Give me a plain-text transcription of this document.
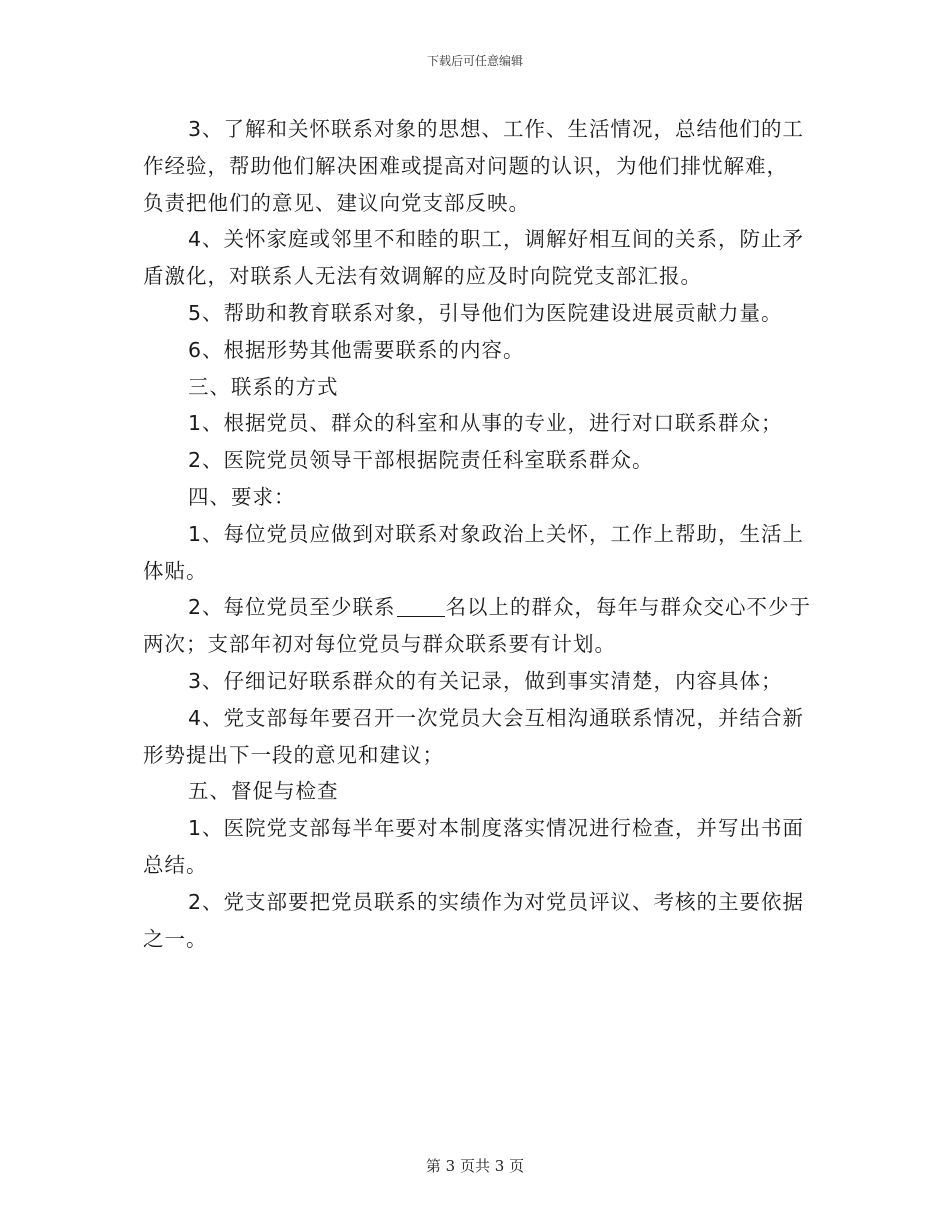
下载后可任意编辑

3、了解和关怀联系对象的思想、工作、生活情况，总结他们的工
作经验，帮助他们解决困难或提高对问题的认识，为他们排忧解难，
负责把他们的意见、建议向党支部反映。

4、关怀家庭或邻里不和睦的职工，调解好相互间的关系，防止矛
盾激化，对联系人无法有效调解的应及时向院党支部汇报。

5、帮助和教育联系对象，引导他们为医院建设进展贡献力量。

6、根据形势其他需要联系的内容。

三、联系的方式

1、根据党员、群众的科室和从事的专业，进行对口联系群众；

2、医院党员领导干部根据院责任科室联系群众。

四、要求：

1、每位党员应做到对联系对象政治上关怀，工作上帮助，生活上
体贴。

2、每位党员至少联系 名以上的群众，每年与群众交心不少于
两次；支部年初对每位党员与群众联系要有计划。

3、仔细记好联系群众的有关记录，做到事实清楚，内容具体；

4、党支部每年要召开一次党员大会互相沟通联系情况，并结合新
形势提出下一段的意见和建议；

五、督促与检查

1、医院党支部每半年要对本制度落实情况进行检查，并写出书面
总结。

2、党支部要把党员联系的实绩作为对党员评议、考核的主要依据
之一。

第 3 页共 3 页
